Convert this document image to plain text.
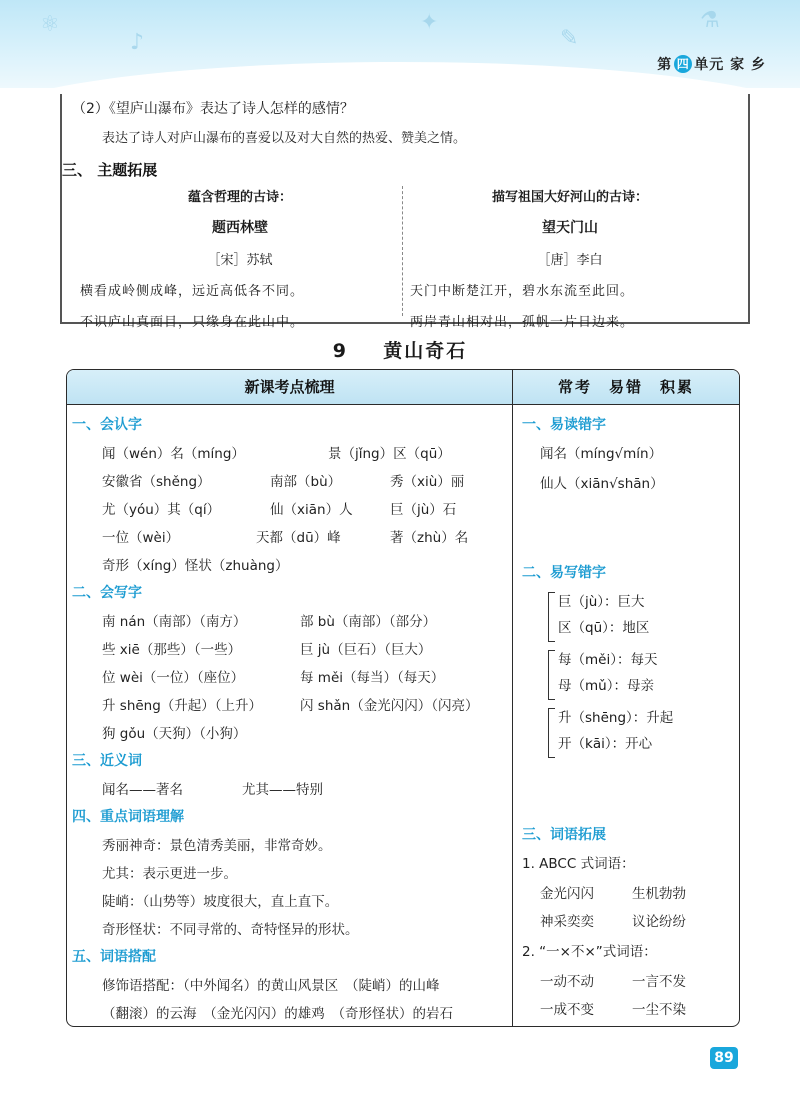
⚛
♪
✦
✎
⚗
第 四 单元 家 乡
（2）《望庐山瀑布》表达了诗人怎样的感情？
表达了诗人对庐山瀑布的喜爱以及对大自然的热爱、赞美之情。
三、 主题拓展
蕴含哲理的古诗：
题西林壁
［宋］苏轼
横看成岭侧成峰，远近高低各不同。
不识庐山真面目，只缘身在此山中。
描写祖国大好河山的古诗：
望天门山
［唐］李白
天门中断楚江开，碧水东流至此回。
两岸青山相对出，孤帆一片日边来。
9 黄山奇石
新课考点梳理	常考　易错　积累
一、会认字
闻（wén）名（míng）	景（jǐng）区（qū）
安徽省（shěng）	南部（bù）	秀（xiù）丽
尤（yóu）其（qí）	仙（xiān）人	巨（jù）石
一位（wèi）	天都（dū）峰	著（zhù）名
奇形（xíng）怪状（zhuàng）
二、会写字
南 nán（南部）（南方）	部 bù（南部）（部分）
些 xiē（那些）（一些）	巨 jù（巨石）（巨大）
位 wèi（一位）（座位）	每 měi（每当）（每天）
升 shēng（升起）（上升）	闪 shǎn（金光闪闪）（闪亮）
狗 gǒu（天狗）（小狗）
三、近义词
闻名——著名	尤其——特别
四、重点词语理解
秀丽神奇：景色清秀美丽，非常奇妙。
尤其：表示更进一步。
陡峭：（山势等）坡度很大，直上直下。
奇形怪状：不同寻常的、奇特怪异的形状。
五、词语搭配
修饰语搭配：（中外闻名）的黄山风景区　（陡峭）的山峰
（翻滚）的云海　（金光闪闪）的雄鸡　（奇形怪状）的岩石
一、易读错字
闻名（míng√mín）
仙人（xiān√shān）
二、易写错字
巨（jù）：巨大
区（qū）：地区
每（měi）：每天
母（mǔ）：母亲
升（shēng）：升起
开（kāi）：开心
三、词语拓展
1. ABCC 式词语：
金光闪闪	生机勃勃
神采奕奕	议论纷纷
2. “一×不×”式词语：
一动不动	一言不发
一成不变	一尘不染
89
